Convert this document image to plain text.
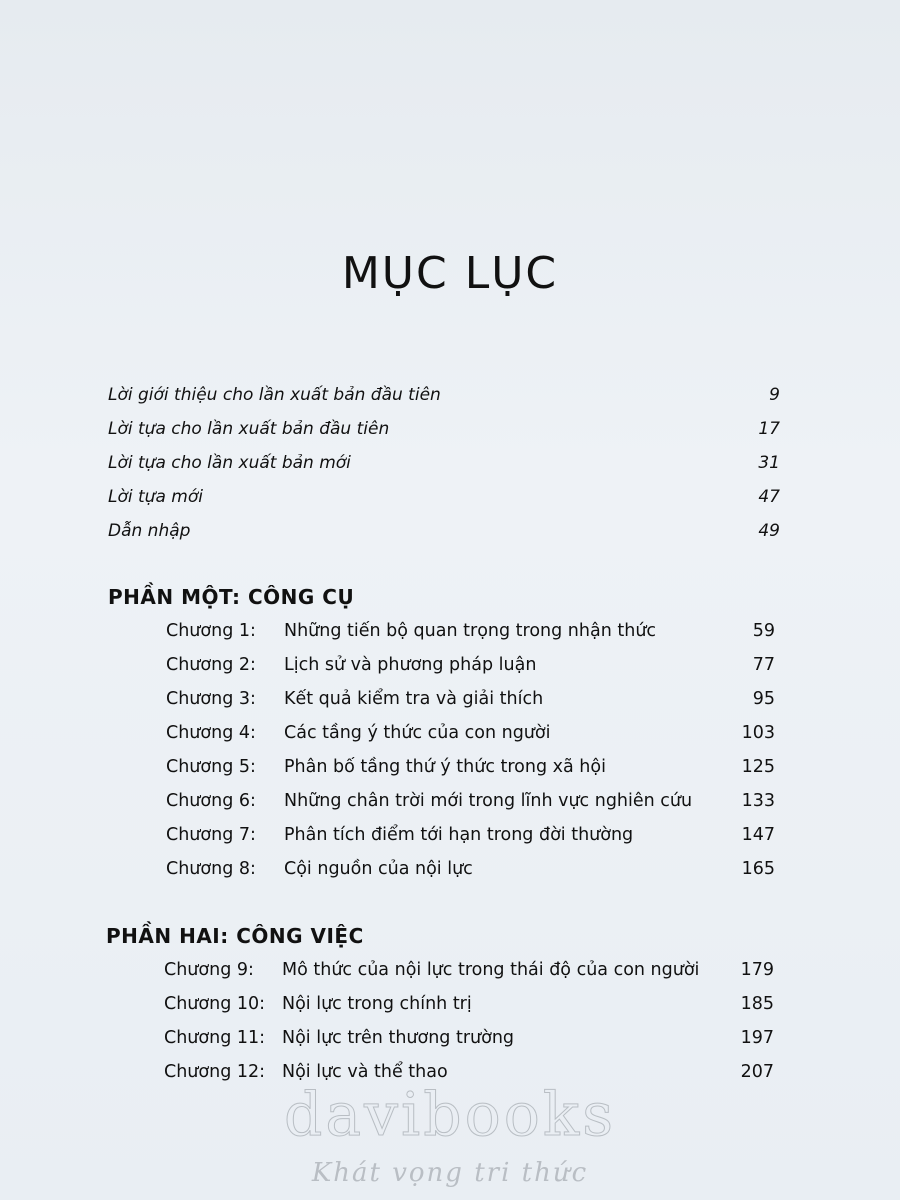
MỤC LỤC
Lời giới thiệu cho lần xuất bản đầu tiên	9
Lời tựa cho lần xuất bản đầu tiên	17
Lời tựa cho lần xuất bản mới	31
Lời tựa mới	47
Dẫn nhập	49
PHẦN MỘT: CÔNG CỤ
Chương 1: Những tiến bộ quan trọng trong nhận thức	59
Chương 2: Lịch sử và phương pháp luận	77
Chương 3: Kết quả kiểm tra và giải thích	95
Chương 4: Các tầng ý thức của con người	103
Chương 5: Phân bố tầng thứ ý thức trong xã hội	125
Chương 6: Những chân trời mới trong lĩnh vực nghiên cứu	133
Chương 7: Phân tích điểm tới hạn trong đời thường	147
Chương 8: Cội nguồn của nội lực	165
PHẦN HAI: CÔNG VIỆC
Chương 9: Mô thức của nội lực trong thái độ của con người 179
Chương 10: Nội lực trong chính trị	185
Chương 11: Nội lực trên thương trường	197
Chương 12: Nội lực và thể thao	207
davibooks
Khát vọng tri thức
